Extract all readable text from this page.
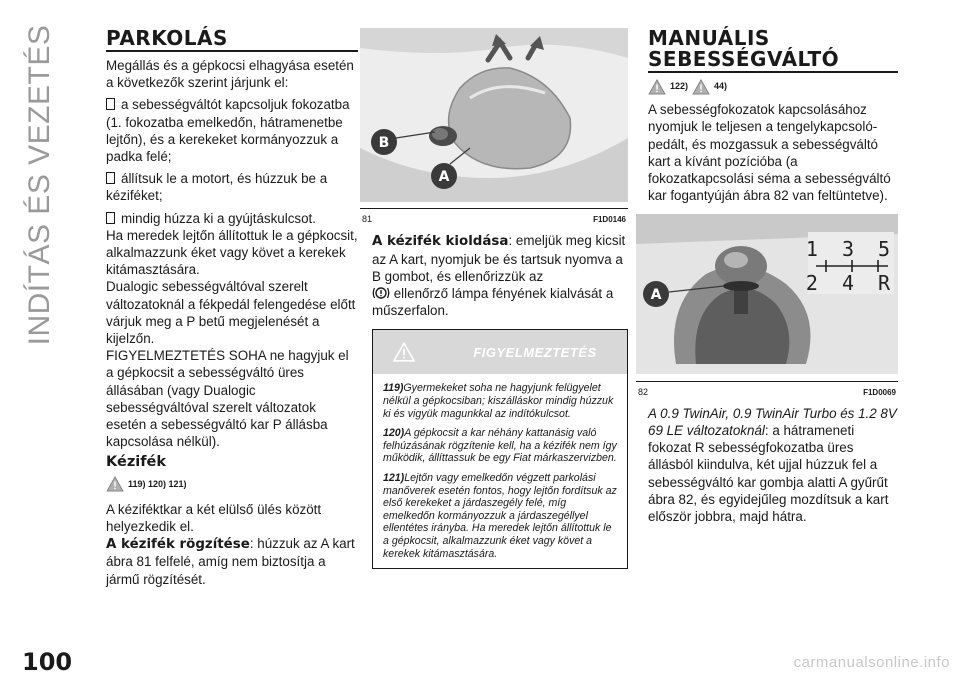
INDÍTÁS ÉS VEZETÉS	PARKOLÁS

Megállás és a gépkocsi elhagyása esetén a következők szerint járjunk el:

a sebességváltót kapcsoljuk fokozatba (1. fokozatba emelkedőn, hátramenetbe lejtőn), és a kerekeket kormányozzuk a padka felé;

állítsuk le a motort, és húzzuk be a kéziféket;

mindig húzza ki a gyújtáskulcsot.

Ha meredek lejtőn állítottuk le a gépkocsit, alkalmazzunk éket vagy követ a kerekek kitámasztására.

Dualogic sebességváltóval szerelt változatoknál a fékpedál felengedése előtt várjuk meg a P betű megjelenését a kijelzőn.

FIGYELMEZTETÉS SOHA ne hagyjuk el a gépkocsit a sebességváltó üres állásában (vagy Dualogic sebességváltóval szerelt változatok esetén a sebességváltó kar P állásba kapcsolása nélkül).

Kézifék
119) 120) 121)

A kéziféktkar a két elülső ülés között helyezkedik el.

A kézifék rögzítése: húzzuk az A kart ábra 81 felfelé, amíg nem biztosítja a jármű rögzítését.

B
A
81	F1D0146

A kézifék kioldása: emeljük meg kicsit az A kart, nyomjuk be és tartsuk nyomva a B gombot, és ellenőrizzük az

ellenőrző lámpa fényének kialvását a műszerfalon.

FIGYELMEZTETÉS

119)Gyermekeket soha ne hagyjunk felügyelet nélkül a gépkocsiban; kiszálláskor mindig húzzuk ki és vigyük magunkkal az indítókulcsot.

120)A gépkocsit a kar néhány kattanásig való felhúzásának rögzítenie kell, ha a kézifék nem így működik, állíttassuk be egy Fiat márkaszervizben.

121)Lejtőn vagy emelkedőn végzett parkolási manőverek esetén fontos, hogy lejtőn fordítsuk az első kerekeket a járdaszegély felé, míg emelkedőn kormányozzuk a járdaszegéllyel ellentétes irányba. Ha meredek lejtőn állítottuk le a gépkocsit, alkalmazzunk éket vagy követ a kerekek kitámasztására.

MANUÁLIS
SEBESSÉGVÁLTÓ
122)	44)

A sebességfokozatok kapcsolásához nyomjuk le teljesen a tengelykapcsoló-pedált, és mozgassuk a sebességváltó kart a kívánt pozícióba (a fokozatkapcsolási séma a sebességváltó kar fogantyúján ábra 82 van feltüntetve).

A
1 3 5
2 4 R
82	F1D0069

A 0.9 TwinAir, 0.9 TwinAir Turbo és 1.2 8V 69 LE változatoknál: a hátrameneti fokozat R sebességfokozatba üres állásból kiindulva, két ujjal húzzuk fel a sebességváltó kar gombja alatti A gyűrűt ábra 82, és egyidejűleg mozdítsuk a kart először jobbra, majd hátra.

100	carmanualsonline.info
